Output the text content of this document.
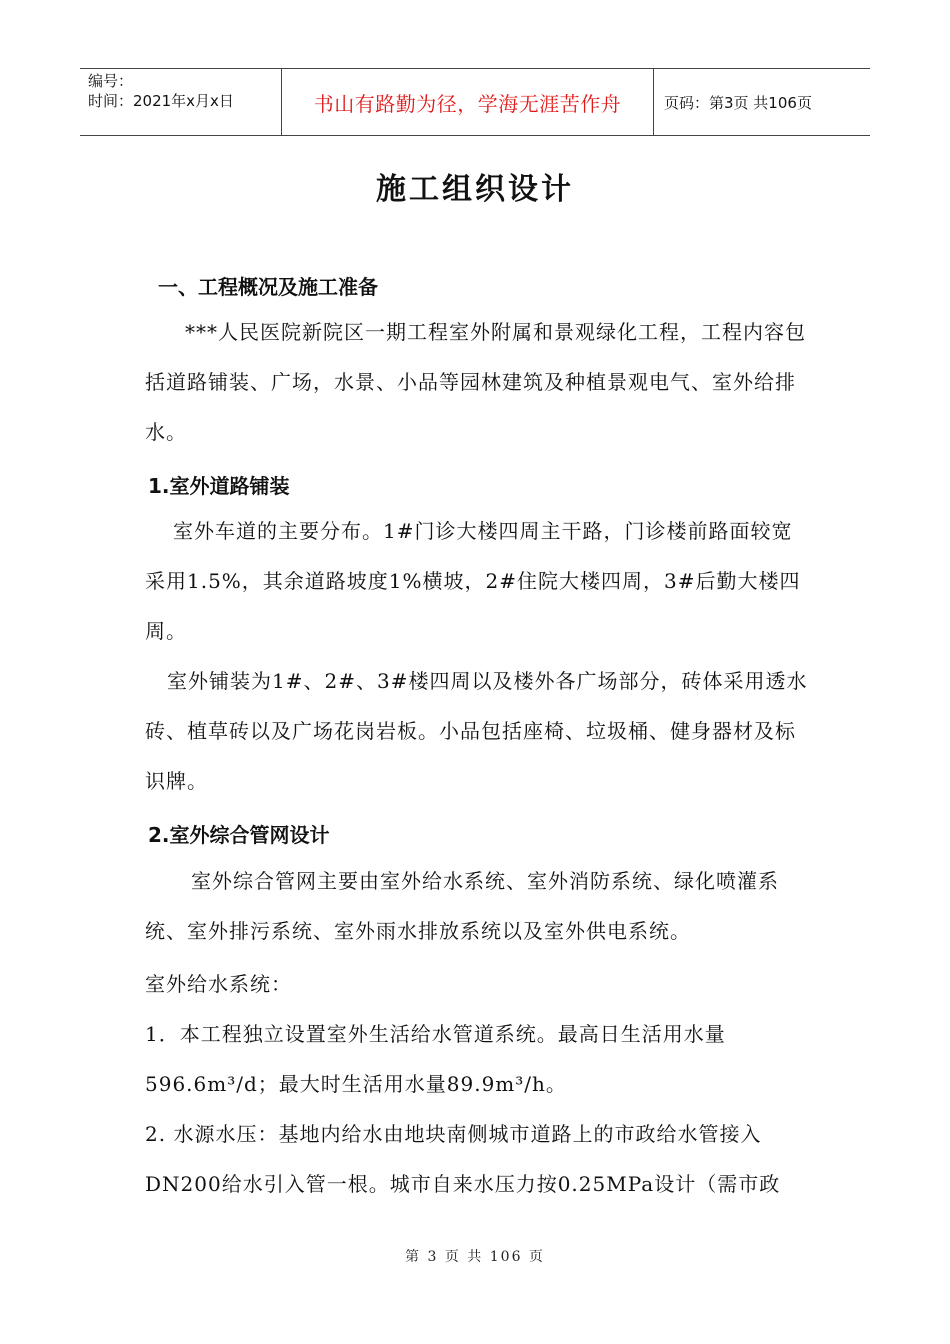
编号：
时间：2021年x月x日	书山有路勤为径，学海无涯苦作舟	页码：第3页 共106页
施工组织设计
一、工程概况及施工准备
***人民医院新院区一期工程室外附属和景观绿化工程，工程内容包括道路铺装、广场，水景、小品等园林建筑及种植景观电气、室外给排水。
1.室外道路铺装
室外车道的主要分布。1#门诊大楼四周主干路，门诊楼前路面较宽采用1.5%，其余道路坡度1%横坡，2#住院大楼四周，3#后勤大楼四周。
室外铺装为1#、2#、3#楼四周以及楼外各广场部分，砖体采用透水砖、植草砖以及广场花岗岩板。小品包括座椅、垃圾桶、健身器材及标识牌。
2.室外综合管网设计
室外综合管网主要由室外给水系统、室外消防系统、绿化喷灌系统、室外排污系统、室外雨水排放系统以及室外供电系统。
室外给水系统：
1．本工程独立设置室外生活给水管道系统。最高日生活用水量
596.6m³/d；最大时生活用水量89.9m³/h。
2. 水源水压：基地内给水由地块南侧城市道路上的市政给水管接入
DN200给水引入管一根。城市自来水压力按0.25MPa设计（需市政
第 3 页 共 106 页
